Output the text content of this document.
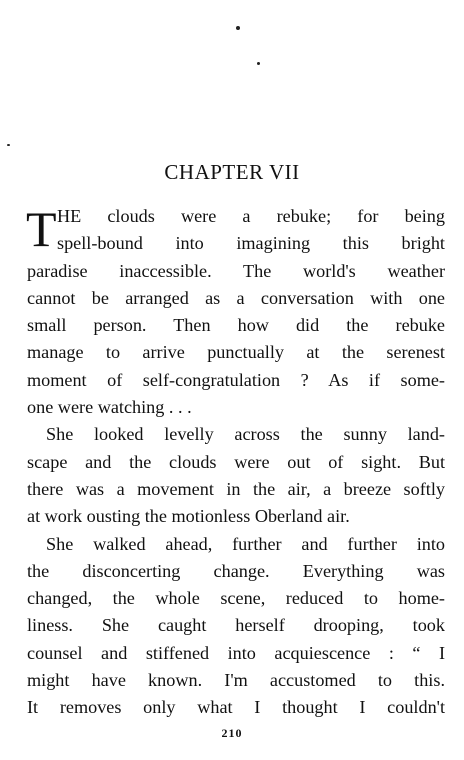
CHAPTER VII
T HE clouds were a rebuke; for being
spell-bound into imagining this bright
paradise inaccessible. The world's weather
cannot be arranged as a conversation with one
small person. Then how did the rebuke
manage to arrive punctually at the serenest
moment of self-congratulation ? As if some-
one were watching . . .
She looked levelly across the sunny land-
scape and the clouds were out of sight. But
there was a movement in the air, a breeze softly
at work ousting the motionless Oberland air.
She walked ahead, further and further into
the disconcerting change. Everything was
changed, the whole scene, reduced to home-
liness. She caught herself drooping, took
counsel and stiffened into acquiescence : “ I
might have known. I'm accustomed to this.
It removes only what I thought I couldn't
210
